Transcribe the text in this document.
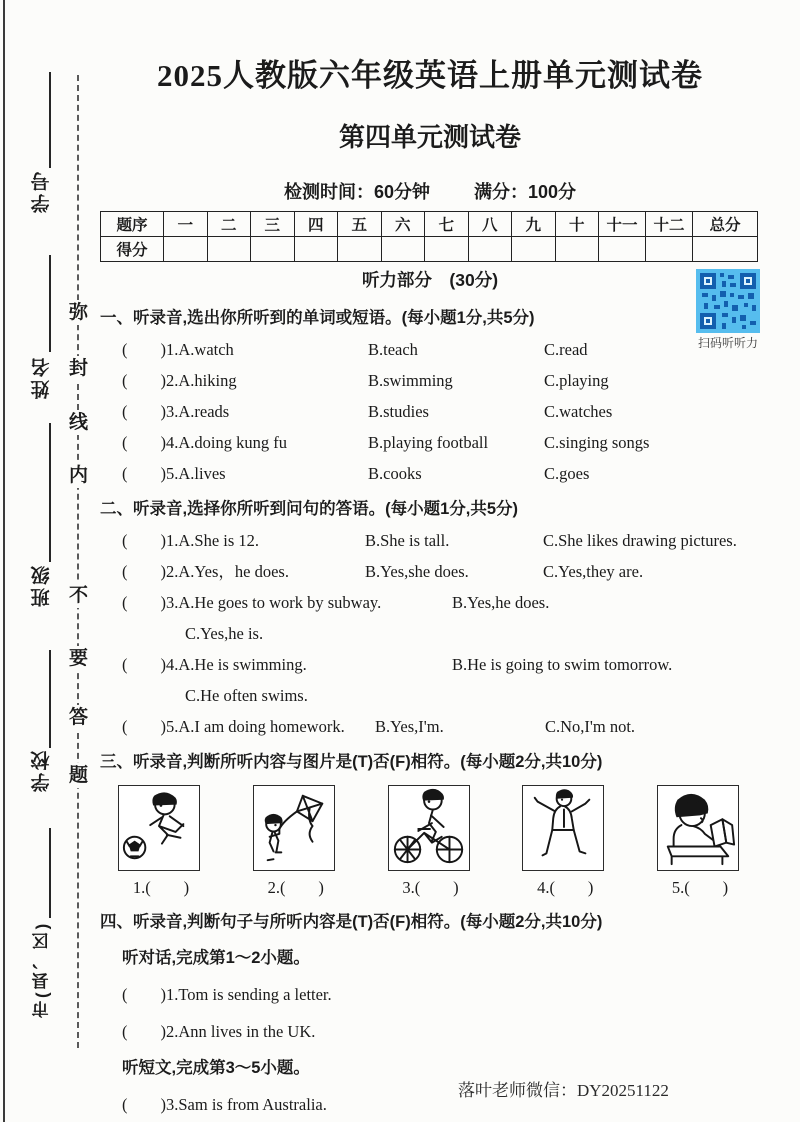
学号
姓名
班级
学校
市(县、区)
弥
封
线
内
不
要
答
题
2025人教版六年级英语上册单元测试卷
第四单元测试卷
检测时间：60分钟 满分：100分
题序	一	二	三	四	五	六	七	八	九	十	十一	十二	总分
得分													
听力部分　(30分)
一、听录音,选出你所听到的单词或短语。(每小题1分,共5分)
(　　)1.A.watch	B.teach	C.read
(　　)2.A.hiking	B.swimming	C.playing
(　　)3.A.reads	B.studies	C.watches
(　　)4.A.doing kung fu	B.playing football	C.singing songs
(　　)5.A.lives	B.cooks	C.goes
二、听录音,选择你所听到问句的答语。(每小题1分,共5分)
(　　)1.A.She is 12.	B.She is tall.	C.She likes drawing pictures.
(　　)2.A.Yes，he does.	B.Yes,she does.	C.Yes,they are.
(　　)3.A.He goes to work by subway.	B.Yes,he does.
C.Yes,he is.
(　　)4.A.He is swimming.	B.He is going to swim tomorrow.
C.He often swims.
(　　)5.A.I am doing homework.	B.Yes,I'm.	C.No,I'm not.
三、听录音,判断所听内容与图片是(T)否(F)相符。(每小题2分,共10分)
1.(　　)	2.(　　)	3.(　　)	4.(　　)	5.(　　)
四、听录音,判断句子与所听内容是(T)否(F)相符。(每小题2分,共10分)
听对话,完成第1～2小题。
(　　)1.Tom is sending a letter.
(　　)2.Ann lives in the UK.
听短文,完成第3～5小题。
(　　)3.Sam is from Australia.
扫码听听力
落叶老师微信：DY20251122
